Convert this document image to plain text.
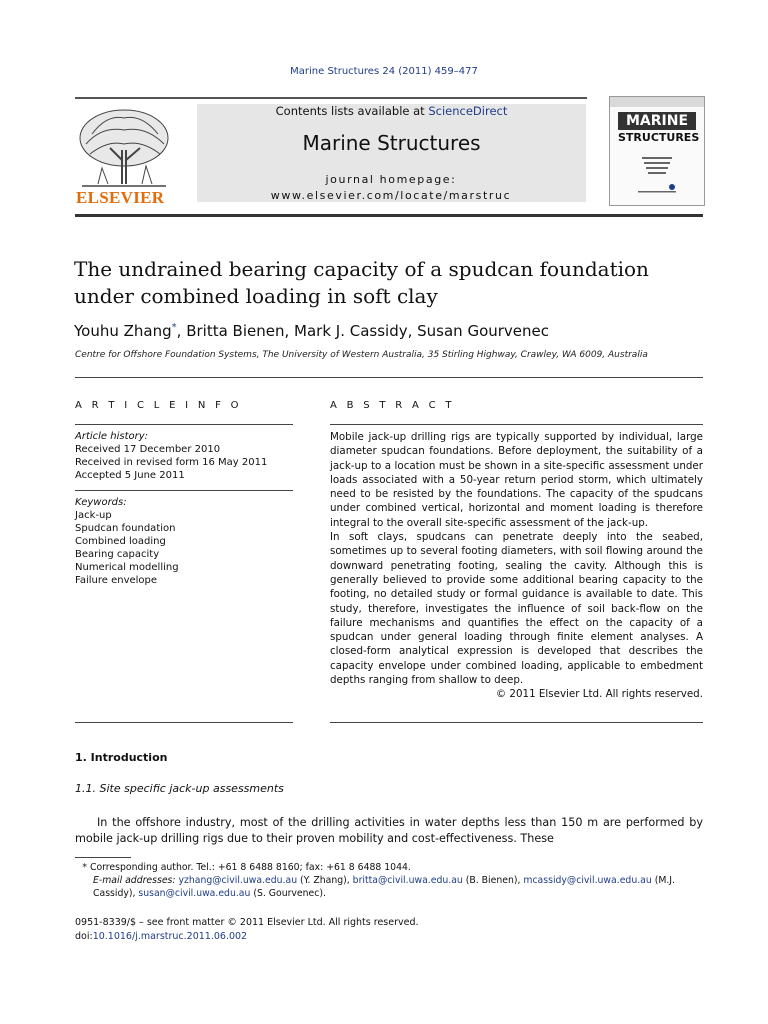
Marine Structures 24 (2011) 459–477
ELSEVIER
Contents lists available at ScienceDirect
Marine Structures
journal homepage: www.elsevier.com/locate/marstruc
MARINE
STRUCTURES
The undrained bearing capacity of a spudcan foundation under combined loading in soft clay
Youhu Zhang*, Britta Bienen, Mark J. Cassidy, Susan Gourvenec
Centre for Offshore Foundation Systems, The University of Western Australia, 35 Stirling Highway, Crawley, WA 6009, Australia
A R T I C L E I N F O
Article history:
Received 17 December 2010
Received in revised form 16 May 2011
Accepted 5 June 2011
Keywords:
Jack-up
Spudcan foundation
Combined loading
Bearing capacity
Numerical modelling
Failure envelope
A B S T R A C T

Mobile jack-up drilling rigs are typically supported by individual, large diameter spudcan foundations. Before deployment, the suitability of a jack-up to a location must be shown in a site-specific assessment under loads associated with a 50-year return period storm, which ultimately need to be resisted by the foundations. The capacity of the spudcans under combined vertical, horizontal and moment loading is therefore integral to the overall site-specific assessment of the jack-up.

In soft clays, spudcans can penetrate deeply into the seabed, sometimes up to several footing diameters, with soil flowing around the downward penetrating footing, sealing the cavity. Although this is generally believed to provide some additional bearing capacity to the footing, no detailed study or formal guidance is available to date. This study, therefore, investigates the influence of soil back-flow on the failure mechanisms and quantifies the effect on the capacity of a spudcan under general loading through finite element analyses. A closed-form analytical expression is developed that describes the capacity envelope under combined loading, applicable to embedment depths ranging from shallow to deep.

© 2011 Elsevier Ltd. All rights reserved.

1. Introduction
1.1. Site specific jack-up assessments
In the offshore industry, most of the drilling activities in water depths less than 150 m are performed by mobile jack-up drilling rigs due to their proven mobility and cost-effectiveness. These
* Corresponding author. Tel.: +61 8 6488 8160; fax: +61 8 6488 1044.
E-mail addresses: yzhang@civil.uwa.edu.au (Y. Zhang), britta@civil.uwa.edu.au (B. Bienen), mcassidy@civil.uwa.edu.au (M.J. Cassidy), susan@civil.uwa.edu.au (S. Gourvenec).
0951-8339/$ – see front matter © 2011 Elsevier Ltd. All rights reserved.
doi:10.1016/j.marstruc.2011.06.002
